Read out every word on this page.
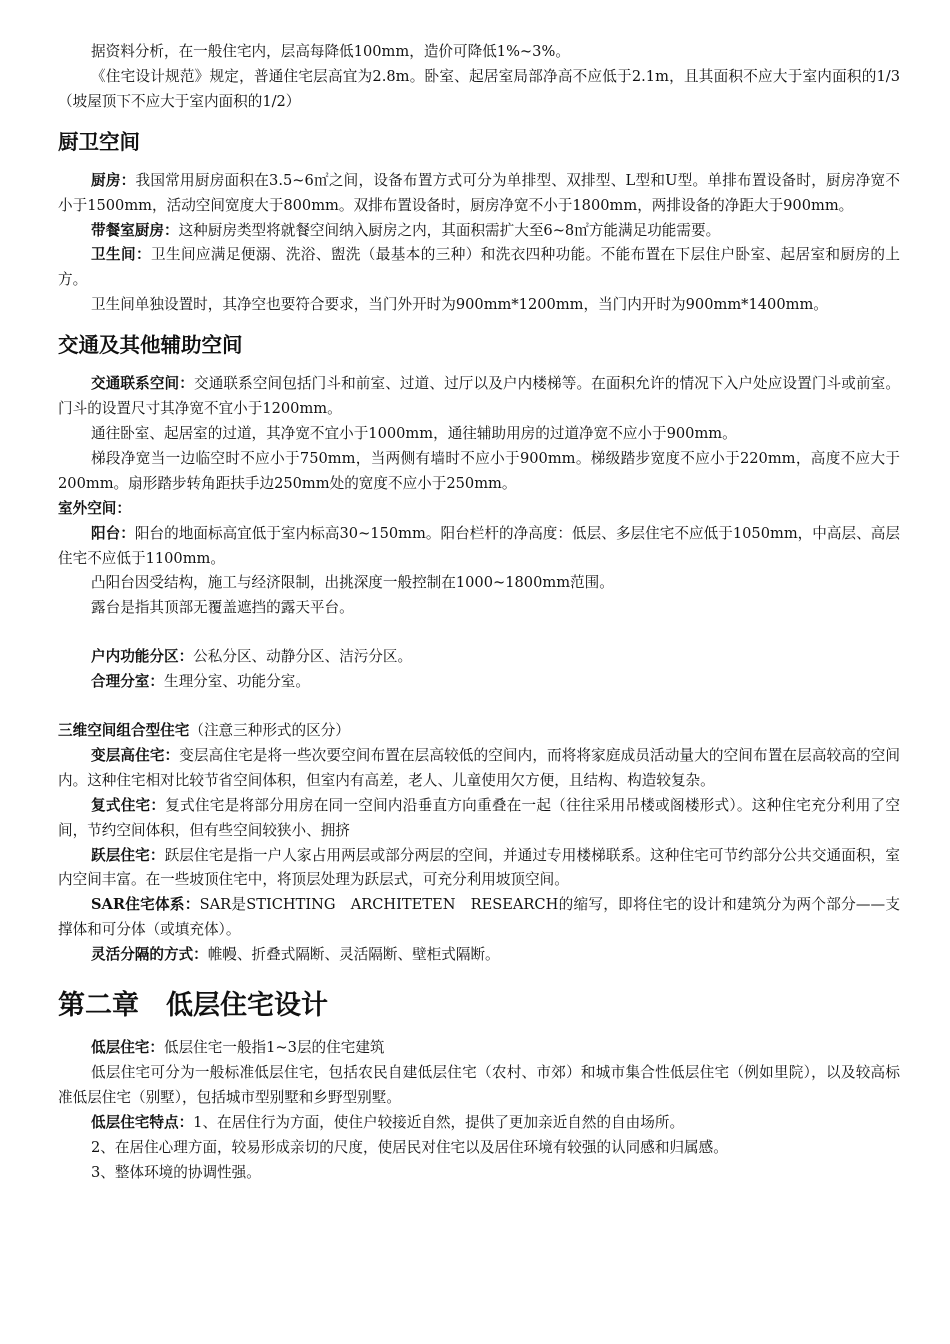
据资料分析，在一般住宅内，层高每降低100mm，造价可降低1%~3%。

《住宅设计规范》规定，普通住宅层高宜为2.8m。卧室、起居室局部净高不应低于2.1m，且其面积不应大于室内面积的1/3（坡屋顶下不应大于室内面积的1/2）

厨卫空间

厨房：我国常用厨房面积在3.5~6㎡之间，设备布置方式可分为单排型、双排型、L型和U型。单排布置设备时，厨房净宽不小于1500mm，活动空间宽度大于800mm。双排布置设备时，厨房净宽不小于1800mm，两排设备的净距大于900mm。

带餐室厨房：这种厨房类型将就餐空间纳入厨房之内，其面积需扩大至6~8㎡方能满足功能需要。

卫生间：卫生间应满足便溺、洗浴、盥洗（最基本的三种）和洗衣四种功能。不能布置在下层住户卧室、起居室和厨房的上方。

卫生间单独设置时，其净空也要符合要求，当门外开时为900mm*1200mm，当门内开时为900mm*1400mm。

交通及其他辅助空间

交通联系空间：交通联系空间包括门斗和前室、过道、过厅以及户内楼梯等。在面积允许的情况下入户处应设置门斗或前室。门斗的设置尺寸其净宽不宜小于1200mm。

通往卧室、起居室的过道，其净宽不宜小于1000mm，通往辅助用房的过道净宽不应小于900mm。

梯段净宽当一边临空时不应小于750mm，当两侧有墙时不应小于900mm。梯级踏步宽度不应小于220mm，高度不应大于200mm。扇形踏步转角距扶手边250mm处的宽度不应小于250mm。

室外空间：

阳台：阳台的地面标高宜低于室内标高30~150mm。阳台栏杆的净高度：低层、多层住宅不应低于1050mm，中高层、高层住宅不应低于1100mm。

凸阳台因受结构，施工与经济限制，出挑深度一般控制在1000~1800mm范围。

露台是指其顶部无覆盖遮挡的露天平台。

户内功能分区：公私分区、动静分区、洁污分区。

合理分室：生理分室、功能分室。

三维空间组合型住宅（注意三种形式的区分）

变层高住宅：变层高住宅是将一些次要空间布置在层高较低的空间内，而将将家庭成员活动量大的空间布置在层高较高的空间内。这种住宅相对比较节省空间体积，但室内有高差，老人、儿童使用欠方便，且结构、构造较复杂。

复式住宅：复式住宅是将部分用房在同一空间内沿垂直方向重叠在一起（往往采用吊楼或阁楼形式）。这种住宅充分利用了空间，节约空间体积，但有些空间较狭小、拥挤

跃层住宅：跃层住宅是指一户人家占用两层或部分两层的空间，并通过专用楼梯联系。这种住宅可节约部分公共交通面积，室内空间丰富。在一些坡顶住宅中，将顶层处理为跃层式，可充分利用坡顶空间。

SAR住宅体系：SAR是STICHTING　ARCHITETEN　RESEARCH的缩写，即将住宅的设计和建筑分为两个部分——支撑体和可分体（或填充体）。

灵活分隔的方式：帷幔、折叠式隔断、灵活隔断、壁柜式隔断。

第二章　低层住宅设计

低层住宅：低层住宅一般指1~3层的住宅建筑

低层住宅可分为一般标准低层住宅，包括农民自建低层住宅（农村、市郊）和城市集合性低层住宅（例如里院），以及较高标准低层住宅（别墅），包括城市型别墅和乡野型别墅。

低层住宅特点：1、在居住行为方面，使住户较接近自然，提供了更加亲近自然的自由场所。

2、在居住心理方面，较易形成亲切的尺度，使居民对住宅以及居住环境有较强的认同感和归属感。

3、整体环境的协调性强。
